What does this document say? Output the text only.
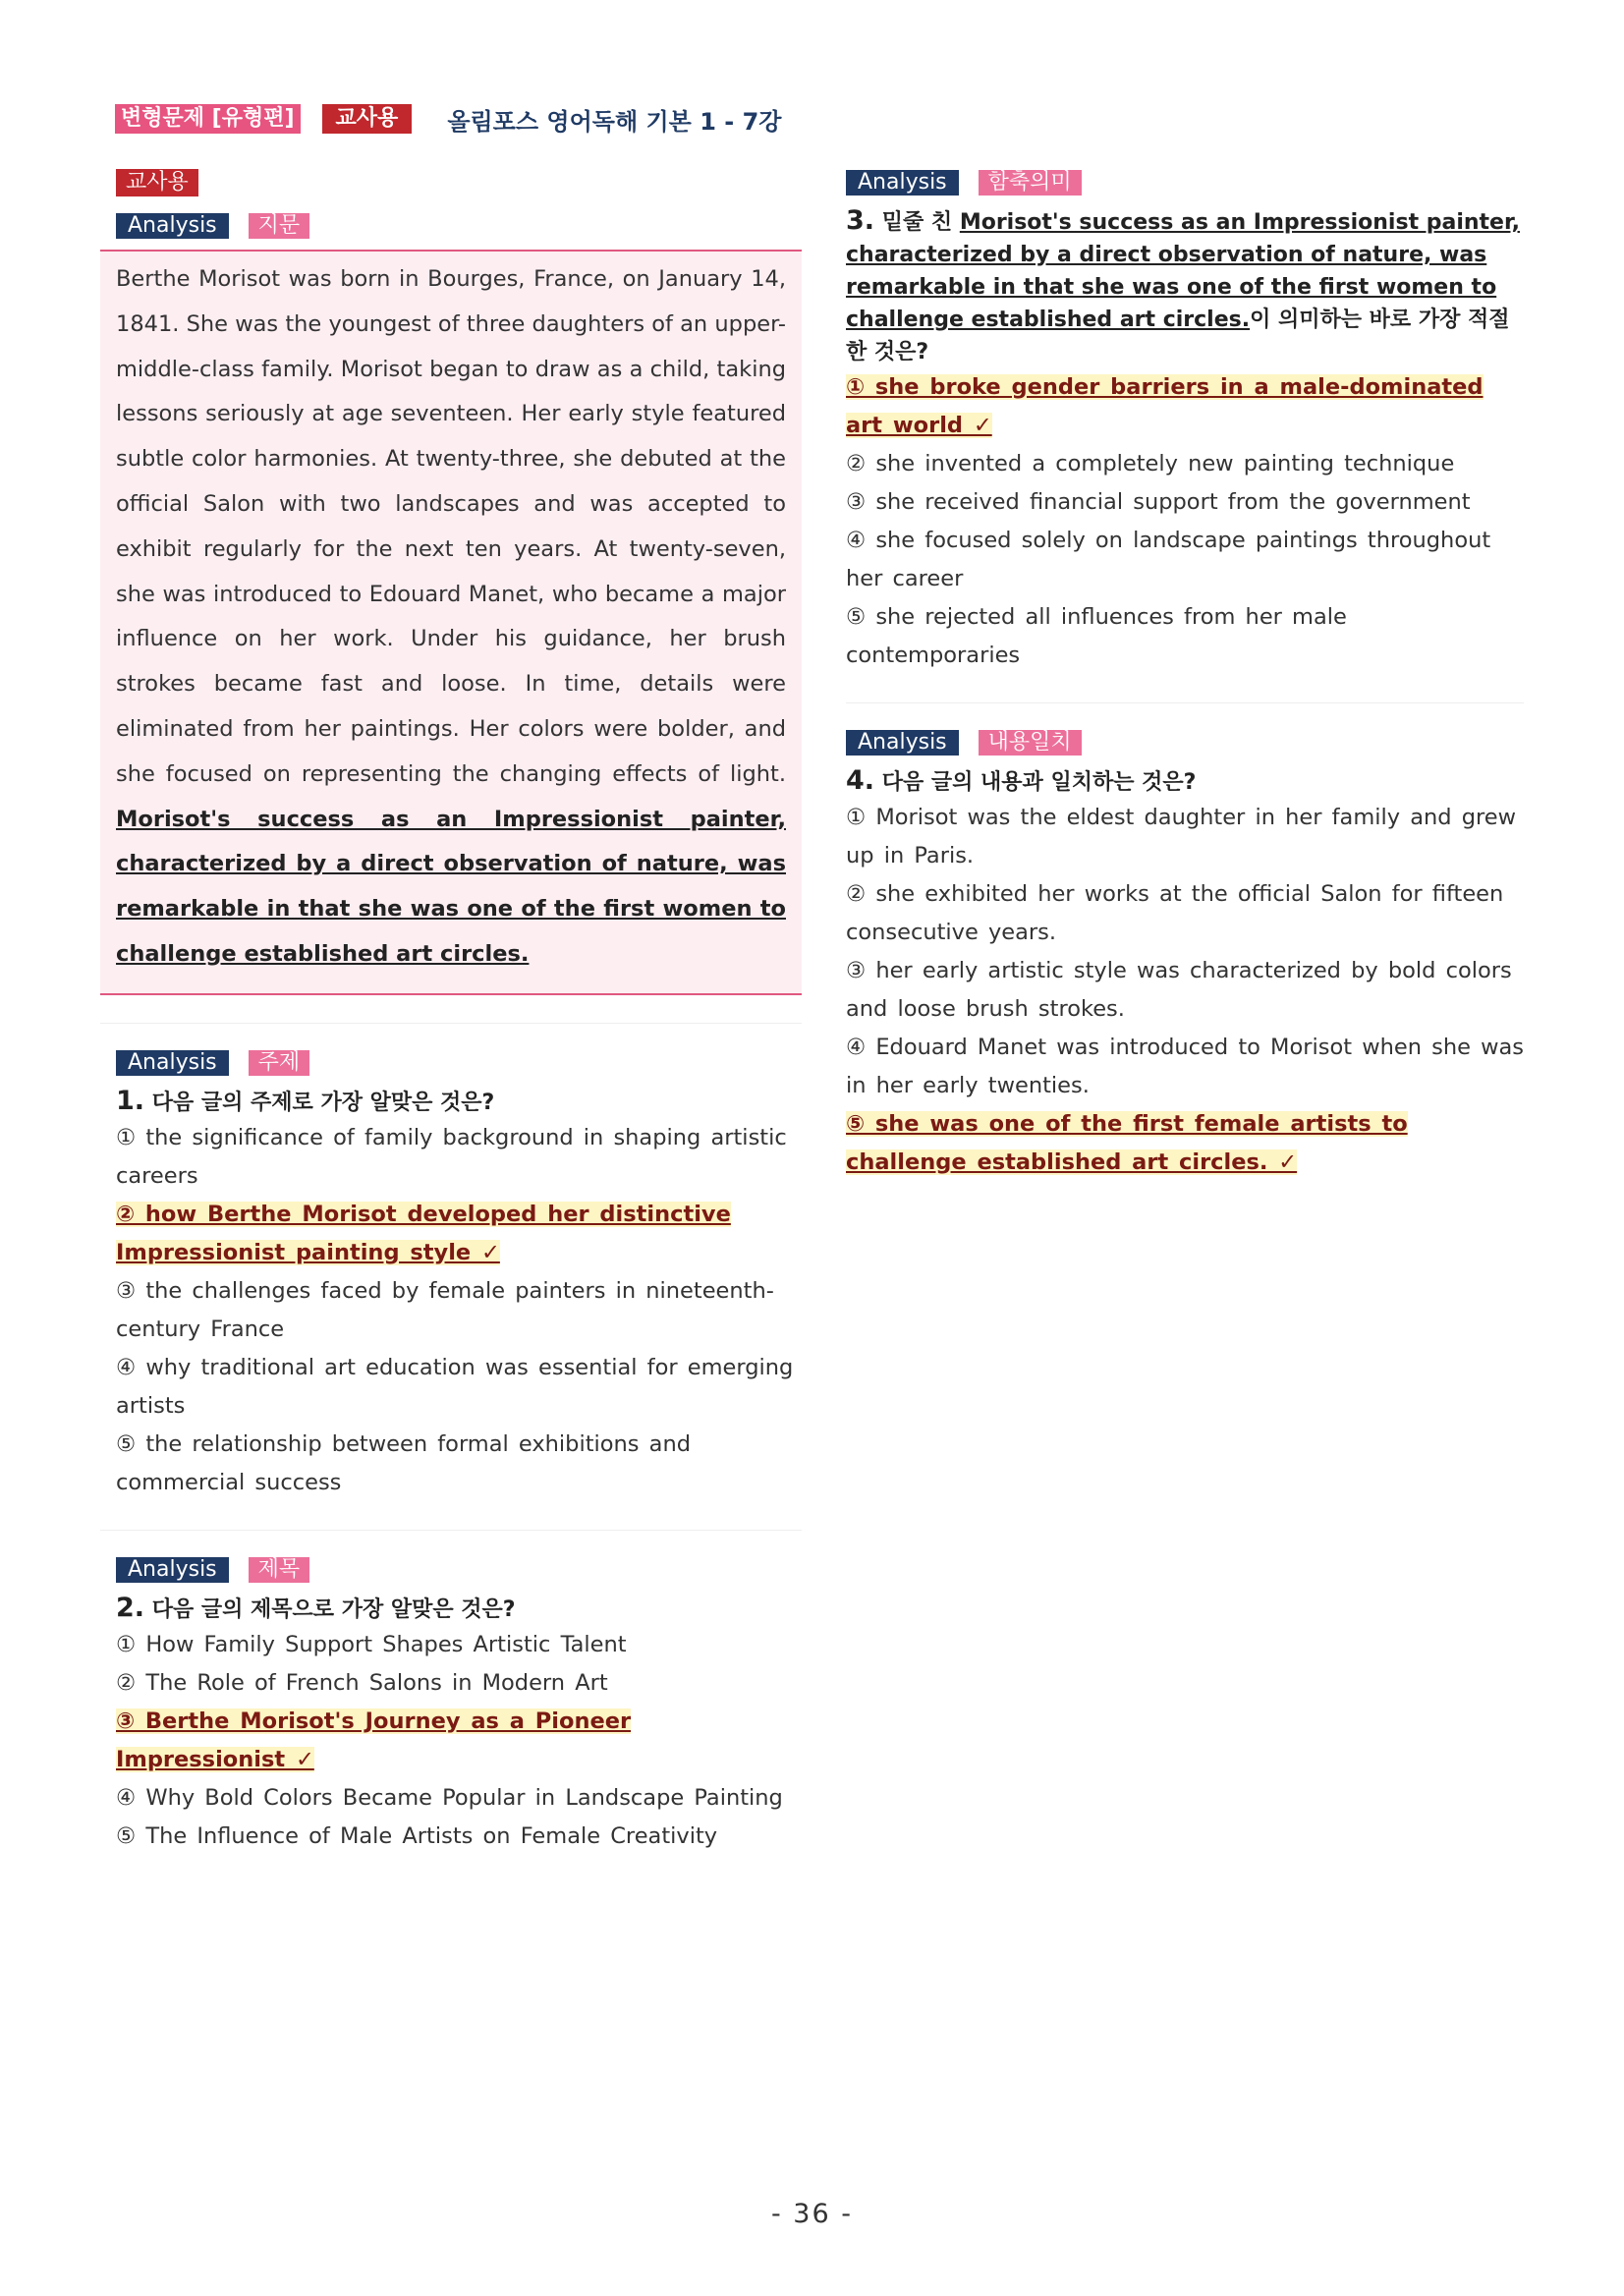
변형문제 [유형편]	교사용	올림포스 영어독해 기본 1 - 7강
교사용
Analysis	지문

Berthe Morisot was born in Bourges, France, on January 14, 1841. She was the youngest of three daughters of an upper-middle-class family. Morisot began to draw as a child, taking lessons seriously at age seventeen. Her early style featured subtle color harmonies. At twenty-three, she debuted at the official Salon with two landscapes and was accepted to exhibit regularly for the next ten years. At twenty-seven, she was introduced to Edouard Manet, who became a major influence on her work. Under his guidance, her brush strokes became fast and loose. In time, details were eliminated from her paintings. Her colors were bolder, and she focused on representing the changing effects of light. Morisot's success as an Impressionist painter, characterized by a direct observation of nature, was remarkable in that she was one of the first women to challenge established art circles.

Analysis	주제
1. 다음 글의 주제로 가장 알맞은 것은?
① the significance of family background in shaping artistic careers
② how Berthe Morisot developed her distinctive Impressionist painting style ✓
③ the challenges faced by female painters in nineteenth-century France
④ why traditional art education was essential for emerging artists
⑤ the relationship between formal exhibitions and commercial success
Analysis	제목
2. 다음 글의 제목으로 가장 알맞은 것은?
① How Family Support Shapes Artistic Talent
② The Role of French Salons in Modern Art
③ Berthe Morisot's Journey as a Pioneer Impressionist ✓
④ Why Bold Colors Became Popular in Landscape Painting
⑤ The Influence of Male Artists on Female Creativity
Analysis	함축의미
3. 밑줄 친 Morisot's success as an Impressionist painter, characterized by a direct observation of nature, was remarkable in that she was one of the first women to challenge established art circles.이 의미하는 바로 가장 적절한 것은?
① she broke gender barriers in a male-dominated art world ✓
② she invented a completely new painting technique
③ she received financial support from the government
④ she focused solely on landscape paintings throughout her career
⑤ she rejected all influences from her male contemporaries
Analysis	내용일치
4. 다음 글의 내용과 일치하는 것은?
① Morisot was the eldest daughter in her family and grew up in Paris.
② she exhibited her works at the official Salon for fifteen consecutive years.
③ her early artistic style was characterized by bold colors and loose brush strokes.
④ Edouard Manet was introduced to Morisot when she was in her early twenties.
⑤ she was one of the first female artists to challenge established art circles. ✓
- 36 -
